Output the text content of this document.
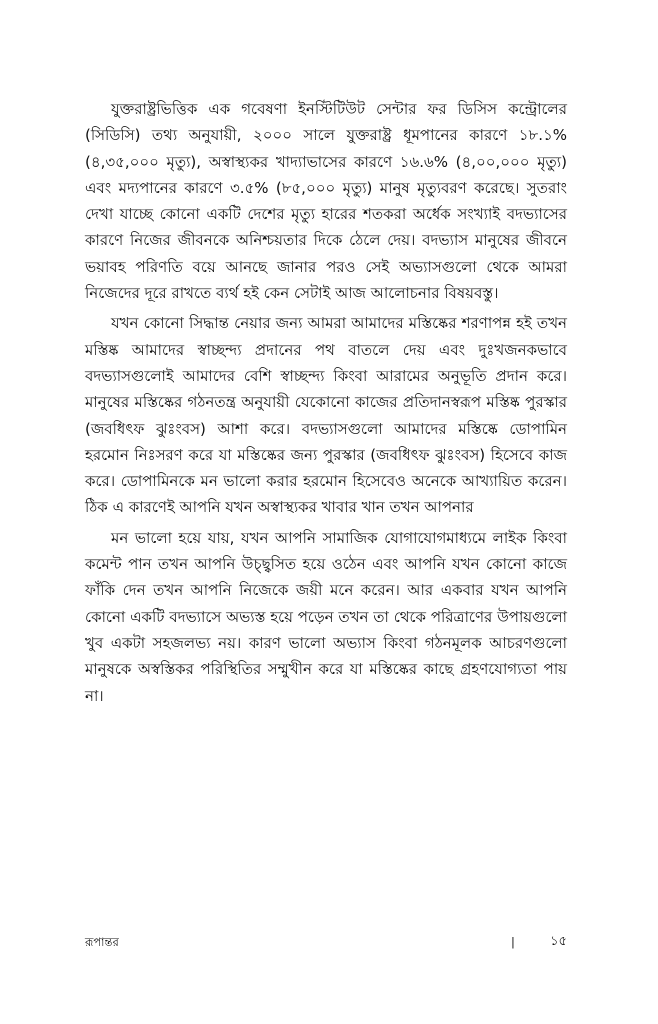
যুক্তরাষ্ট্রভিত্তিক এক গবেষণা ইনস্টিটিউট সেন্টার ফর ডিসিস কন্ট্রোলের (সিডিসি) তথ্য অনুযায়ী, ২০০০ সালে যুক্তরাষ্ট্র ধূমপানের কারণে ১৮.১% (৪,৩৫,০০০ মৃত্যু), অস্বাস্থ্যকর খাদ্যাভাসের কারণে ১৬.৬% (৪,০০,০০০ মৃত্যু) এবং মদ্যপানের কারণে ৩.৫% (৮৫,০০০ মৃত্যু) মানুষ মৃত্যুবরণ করেছে। সুতরাং দেখা যাচ্ছে কোনো একটি দেশের মৃত্যু হারের শতকরা অর্ধেক সংখ্যাই বদভ্যাসের কারণে নিজের জীবনকে অনিশ্চয়তার দিকে ঠেলে দেয়। বদভ্যাস মানুষের জীবনে ভয়াবহ পরিণতি বয়ে আনছে জানার পরও সেই অভ্যাসগুলো থেকে আমরা নিজেদের দূরে রাখতে ব্যর্থ হই কেন সেটাই আজ আলোচনার বিষয়বস্তু।

যখন কোনো সিদ্ধান্ত নেয়ার জন্য আমরা আমাদের মস্তিষ্কের শরণাপন্ন হই তখন মস্তিষ্ক আমাদের স্বাচ্ছন্দ্য প্রদানের পথ বাতলে দেয় এবং দুঃখজনকভাবে বদভ্যাসগুলোই আমাদের বেশি স্বাচ্ছন্দ্য কিংবা আরামের অনুভূতি প্রদান করে। মানুষের মস্তিষ্কের গঠনতন্ত্র অনুযায়ী যেকোনো কাজের প্রতিদানস্বরূপ মস্তিষ্ক পুরস্কার (জবধিৎফ ঝুঃংবস) আশা করে। বদভ্যাসগুলো আমাদের মস্তিষ্কে ডোপামিন হরমোন নিঃসরণ করে যা মস্তিষ্কের জন্য পুরস্কার (জবধিৎফ ঝুঃংবস) হিসেবে কাজ করে। ডোপামিনকে মন ভালো করার হরমোন হিসেবেও অনেকে আখ্যায়িত করেন। ঠিক এ কারণেই আপনি যখন অস্বাস্থ্যকর খাবার খান তখন আপনার

মন ভালো হয়ে যায়, যখন আপনি সামাজিক যোগাযোগমাধ্যমে লাইক কিংবা কমেন্ট পান তখন আপনি উচ্ছ্বসিত হয়ে ওঠেন এবং আপনি যখন কোনো কাজে ফাঁকি দেন তখন আপনি নিজেকে জয়ী মনে করেন। আর একবার যখন আপনি কোনো একটি বদভ্যাসে অভ্যস্ত হয়ে পড়েন তখন তা থেকে পরিত্রাণের উপায়গুলো খুব একটা সহজলভ্য নয়। কারণ ভালো অভ্যাস কিংবা গঠনমূলক আচরণগুলো মানুষকে অস্বস্তিকর পরিস্থিতির সম্মুখীন করে যা মস্তিষ্কের কাছে গ্রহণযোগ্যতা পায় না।

রূপান্তর	|	১৫
